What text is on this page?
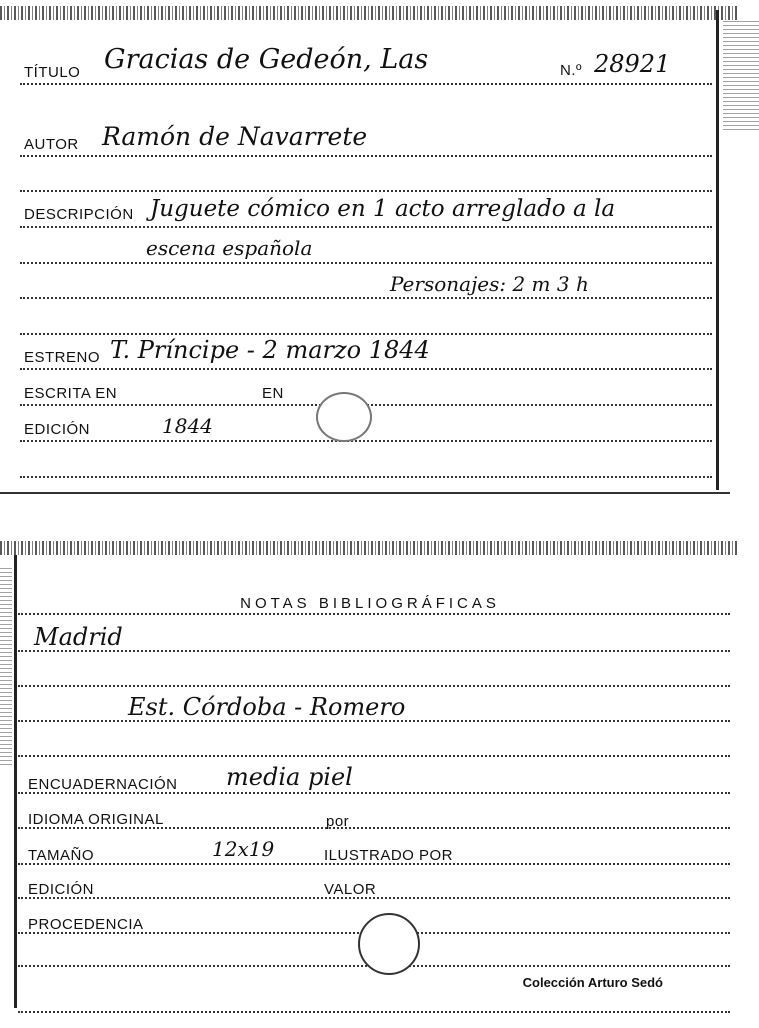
TÍTULO Gracias de Gedeón, Las	N.º 28921
AUTOR Ramón de Navarrete
DESCRIPCIÓN Juguete cómico en 1 acto arreglado a la
escena española
Personajes: 2 m 3 h
ESTRENO T. Príncipe - 2 marzo 1844
ESCRITA EN	EN
EDICIÓN	1844
NOTAS BIBLIOGRÁFICAS
Madrid
Est. Córdoba - Romero
ENCUADERNACIÓN media piel
IDIOMA ORIGINAL	por
TAMAÑO	12x19	ILUSTRADO POR
EDICIÓN	VALOR
PROCEDENCIA
Colección Arturo Sedó
